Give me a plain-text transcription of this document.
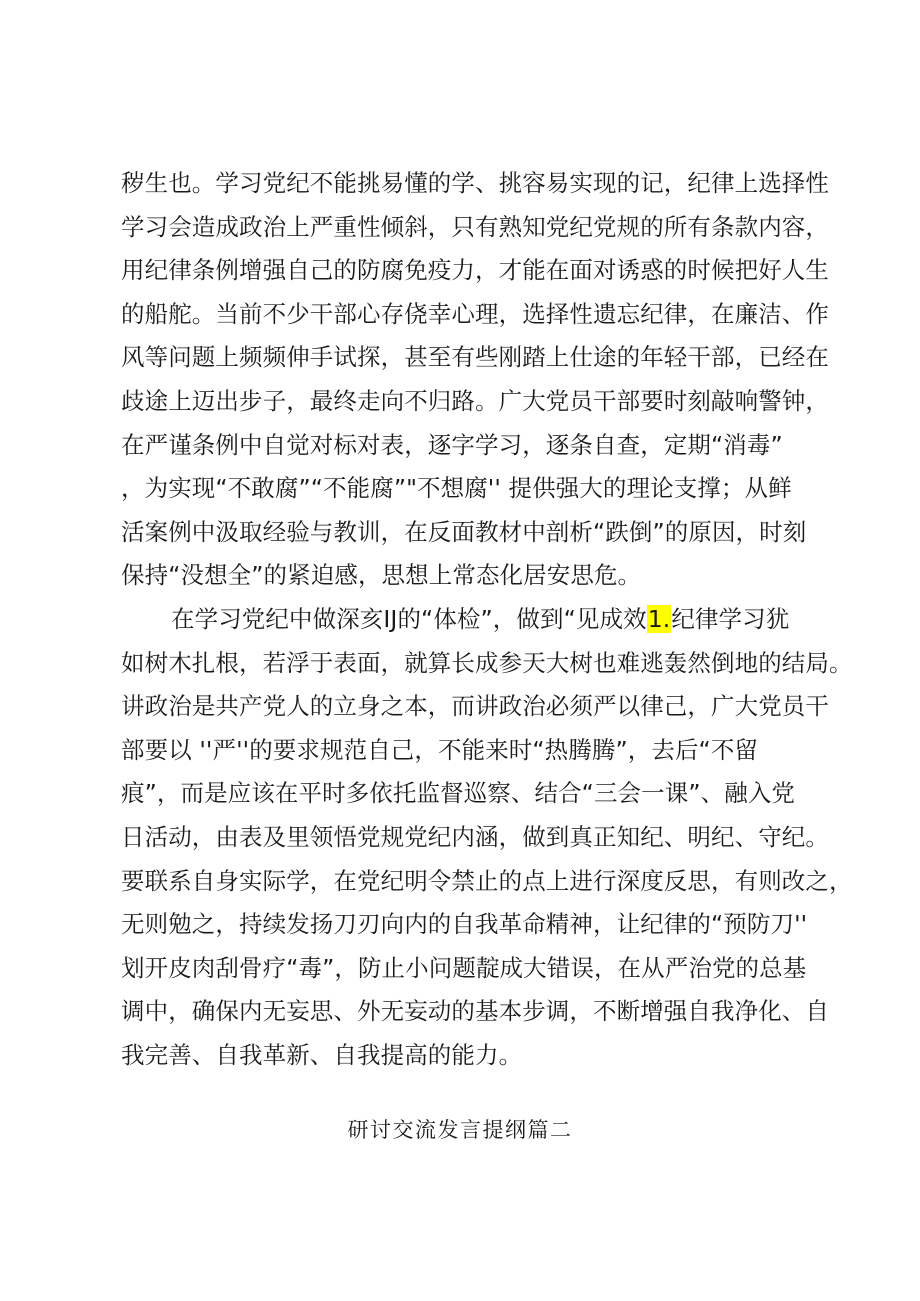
秽生也。学习党纪不能挑易懂的学、挑容易实现的记，纪律上选择性
学习会造成政治上严重性倾斜，只有熟知党纪党规的所有条款内容，
用纪律条例增强自己的防腐免疫力，才能在面对诱惑的时候把好人生
的船舵。当前不少干部心存侥幸心理，选择性遗忘纪律，在廉洁、作
风等问题上频频伸手试探，甚至有些刚踏上仕途的年轻干部，已经在
歧途上迈出步子，最终走向不归路。广大党员干部要时刻敲响警钟，
在严谨条例中自觉对标对表，逐字学习，逐条自查，定期“消毒”
，为实现“不敢腐”“不能腐”"不想腐'' 提供强大的理论支撑；从鲜
活案例中汲取经验与教训，在反面教材中剖析“跌倒”的原因，时刻
保持“没想全”的紧迫感，思想上常态化居安思危。
在学习党纪中做深亥IJ的“体检”，做到“见成效1.纪律学习犹
如树木扎根，若浮于表面，就算长成参天大树也难逃轰然倒地的结局。
讲政治是共产党人的立身之本，而讲政治必须严以律己，广大党员干
部要以 ''严''的要求规范自己，不能来时“热腾腾”，去后“不留
痕”，而是应该在平时多依托监督巡察、结合“三会一课”、融入党
日活动，由表及里领悟党规党纪内涵，做到真正知纪、明纪、守纪。
要联系自身实际学，在党纪明令禁止的点上进行深度反思，有则改之，
无则勉之，持续发扬刀刃向内的自我革命精神，让纪律的“预防刀''
划开皮肉刮骨疗“毒”，防止小问题靛成大错误，在从严治党的总基
调中，确保内无妄思、外无妄动的基本步调，不断增强自我净化、自
我完善、自我革新、自我提高的能力。
研讨交流发言提纲篇二
